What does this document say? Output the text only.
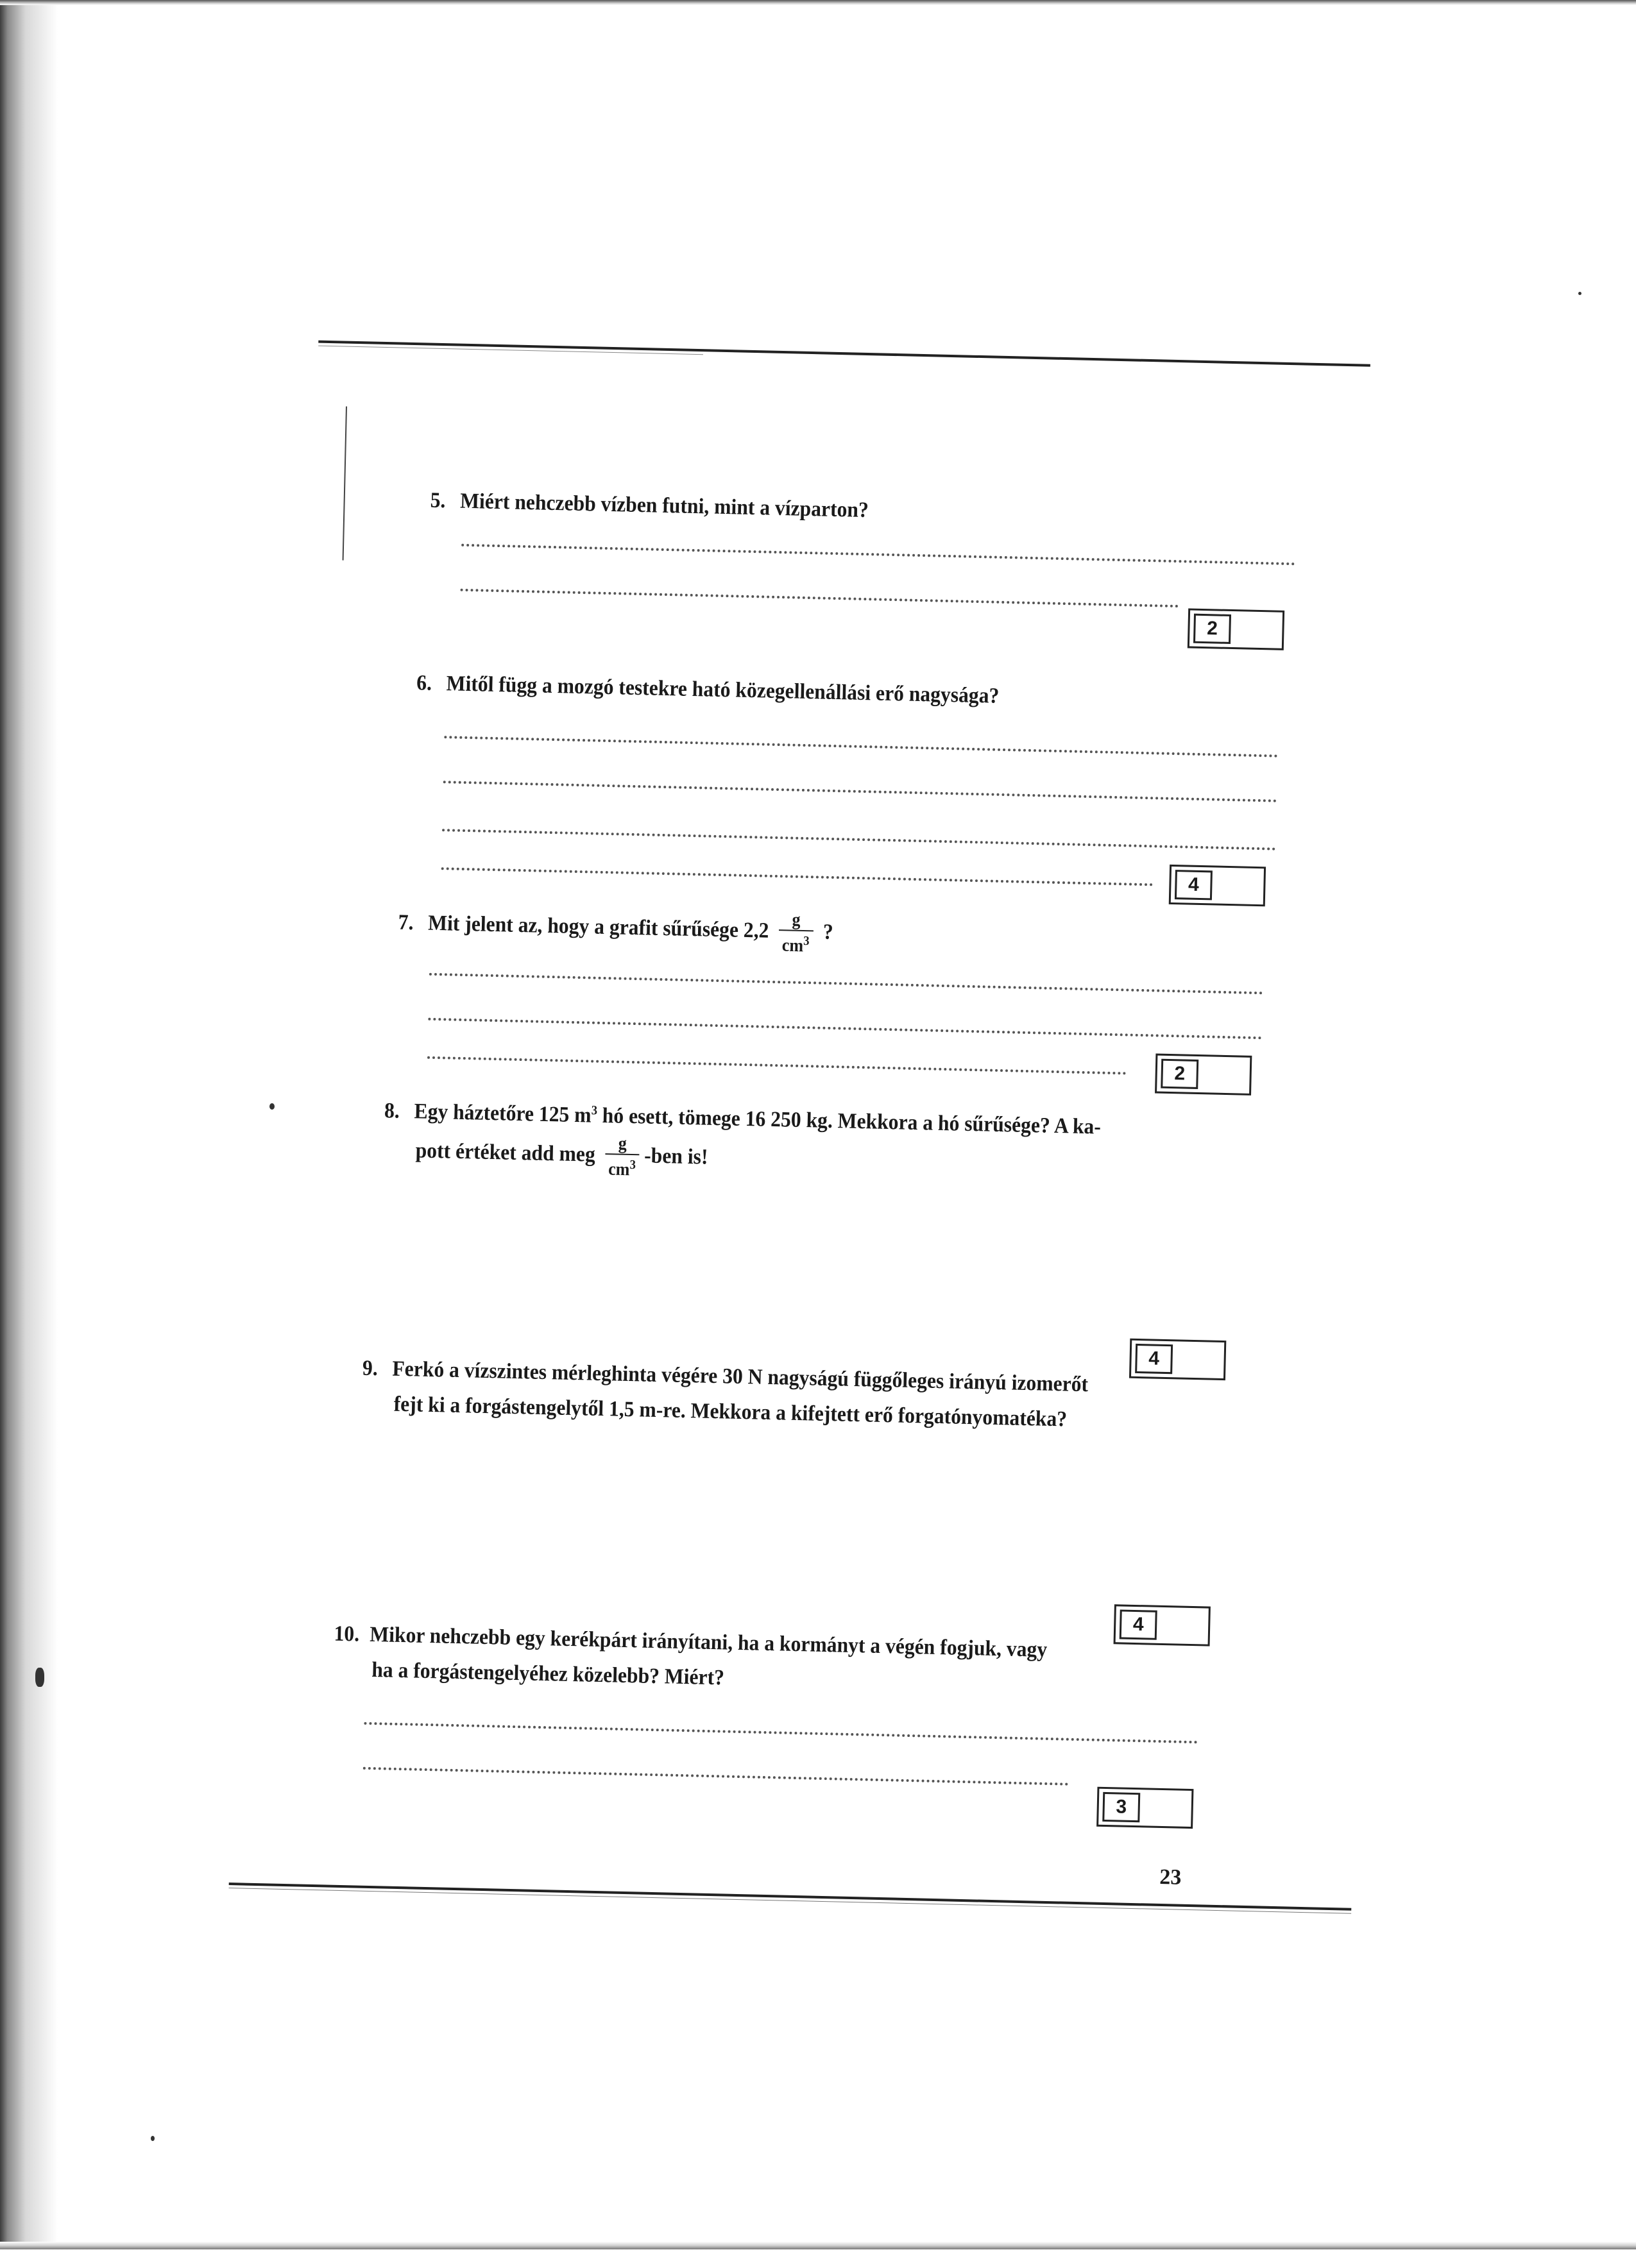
5. Miért nehczebb vízben futni, mint a vízparton?
2
6. Mitől függ a mozgó testekre ható közegellenállási erő nagysága?
4
7. Mit jelent az, hogy a grafit sűrűsége $2,2 \frac{g}{cm^3}$ ?
2
8. Egy háztetőre 125 $m^3$ hó esett, tömege 16 250 kg. Mekkora a hó sűrűsége? A ka-
pott értéket add meg $\frac{g}{cm^3} -ben$ is!
4
9. Ferkó a vízszintes mérleghinta végére 30 N nagyságú függőleges irányú izomerőt
fejt ki a forgástengelytől 1,5 m-re. Mekkora a kifejtett erő forgatónyomatéka?
4
10. Mikor nehczebb egy kerékpárt irányítani, ha a kormányt a végén fogjuk, vagy
ha a forgástengelyéhez közelebb? Miért?
3
23
